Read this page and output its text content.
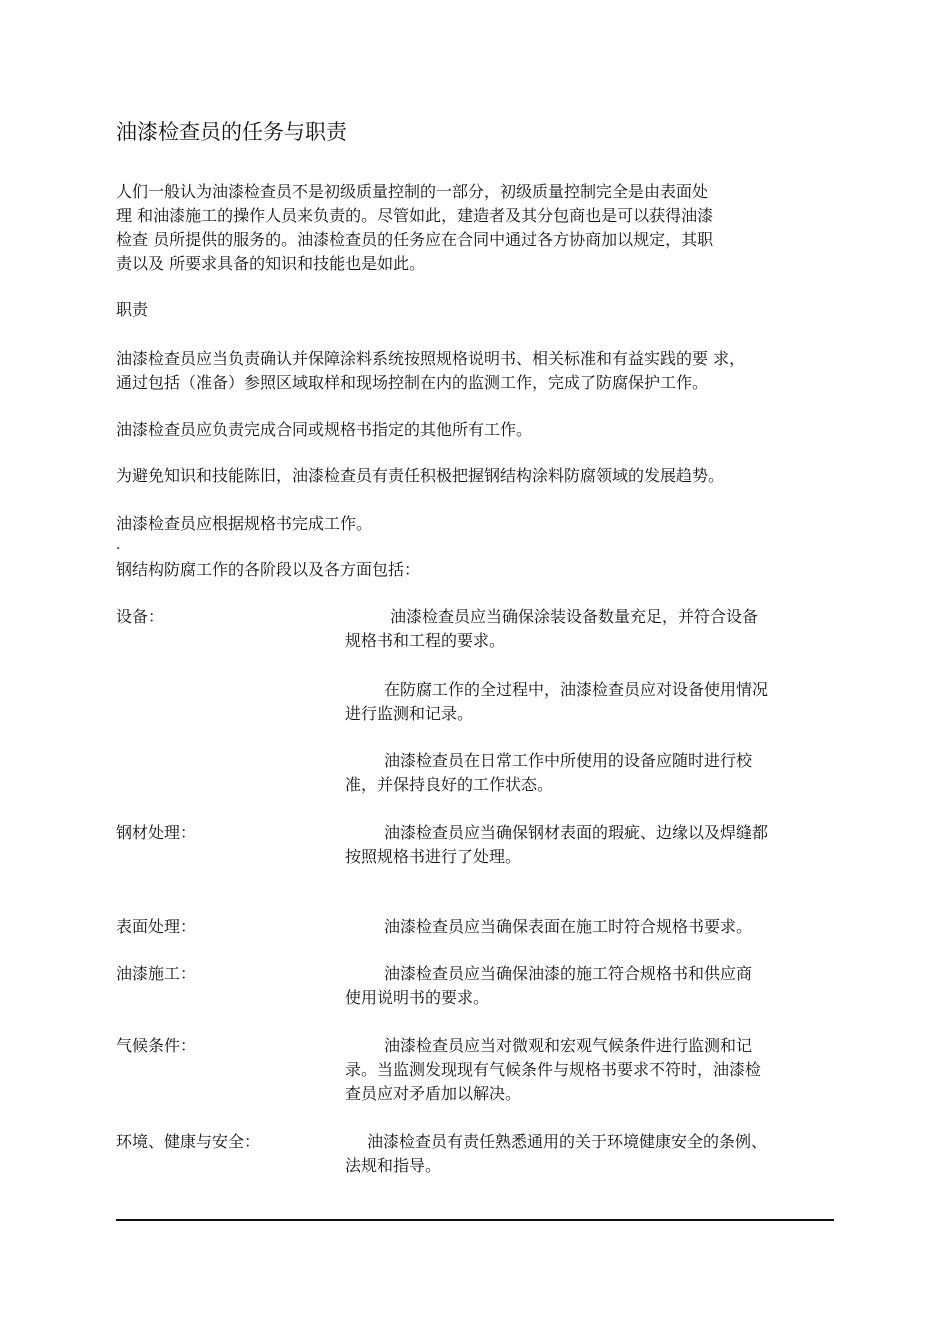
油漆检查员的任务与职责
人们一般认为油漆检查员不是初级质量控制的一部分，初级质量控制完全是由表面处
理 和油漆施工的操作人员来负责的。尽管如此，建造者及其分包商也是可以获得油漆
检查 员所提供的服务的。油漆检查员的任务应在合同中通过各方协商加以规定，其职
责以及 所要求具备的知识和技能也是如此。
职责
油漆检查员应当负责确认并保障涂料系统按照规格说明书、相关标准和有益实践的要 求，
通过包括（准备）参照区域取样和现场控制在内的监测工作，完成了防腐保护工作。
油漆检查员应负责完成合同或规格书指定的其他所有工作。
为避免知识和技能陈旧，油漆检查员有责任积极把握钢结构涂料防腐领域的发展趋势。
油漆检查员应根据规格书完成工作。
.
钢结构防腐工作的各阶段以及各方面包括：
设备：	油漆检查员应当确保涂装设备数量充足，并符合设备
规格书和工程的要求。
在防腐工作的全过程中，油漆检查员应对设备使用情况
进行监测和记录。
油漆检查员在日常工作中所使用的设备应随时进行校
准，并保持良好的工作状态。
钢材处理：	油漆检查员应当确保钢材表面的瑕疵、边缘以及焊缝都
按照规格书进行了处理。
表面处理：	油漆检查员应当确保表面在施工时符合规格书要求。
油漆施工：	油漆检查员应当确保油漆的施工符合规格书和供应商
使用说明书的要求。
气候条件：	油漆检查员应当对微观和宏观气候条件进行监测和记
录。当监测发现现有气候条件与规格书要求不符时，油漆检
查员应对矛盾加以解决。
环境、健康与安全：	油漆检查员有责任熟悉通用的关于环境健康安全的条例、
法规和指导。
